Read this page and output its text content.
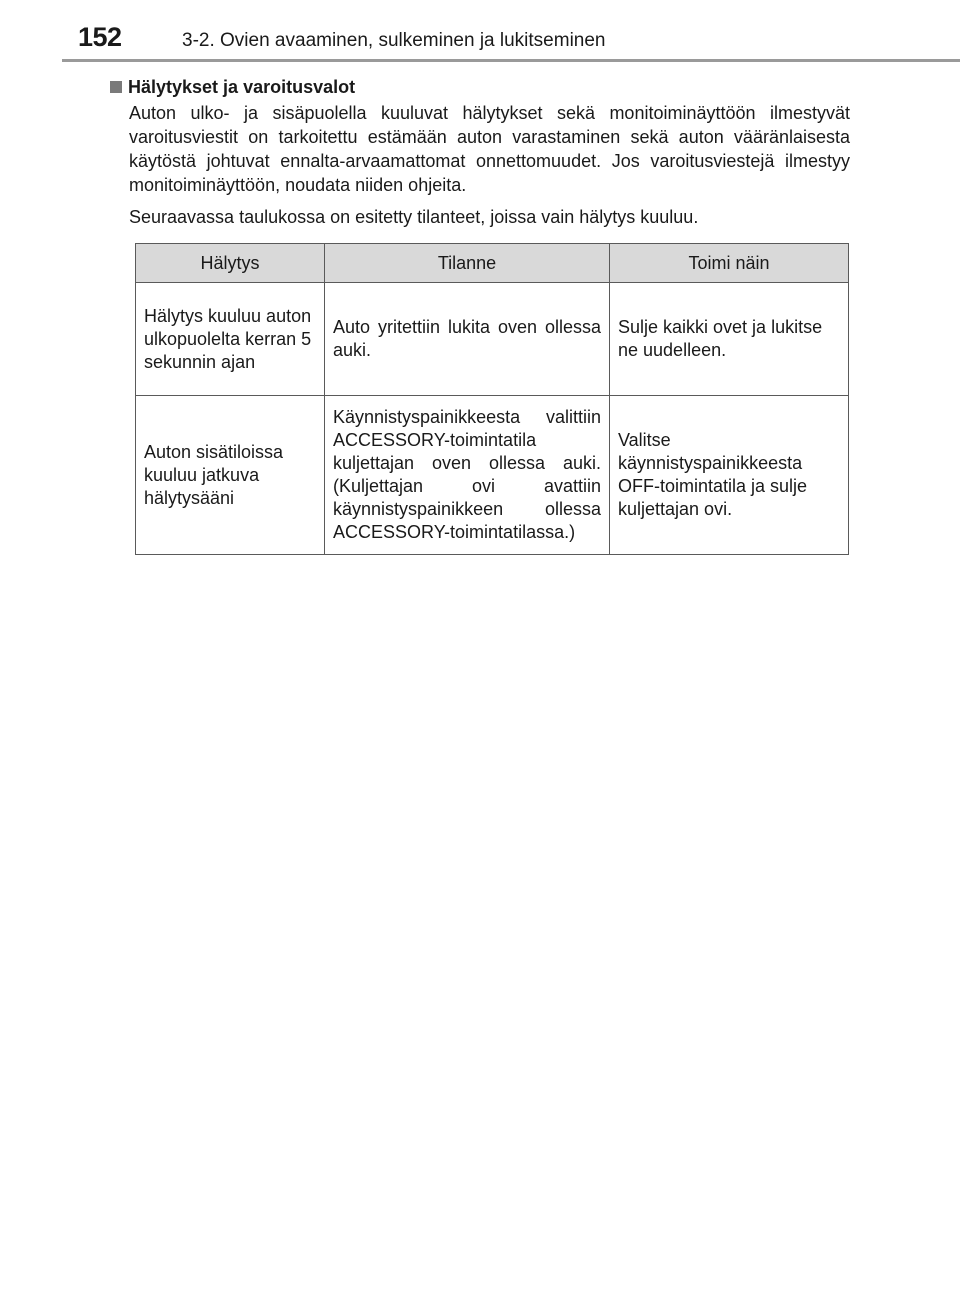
152	3-2. Ovien avaaminen, sulkeminen ja lukitseminen
Hälytykset ja varoitusvalot

Auton ulko- ja sisäpuolella kuuluvat hälytykset sekä monitoiminäyttöön ilmestyvät varoitusviestit on tarkoitettu estämään auton varastaminen sekä auton vääränlaisesta käytöstä johtuvat ennalta-arvaamattomat onnettomuudet. Jos varoitusviestejä ilmestyy monitoiminäyttöön, noudata niiden ohjeita.

Seuraavassa taulukossa on esitetty tilanteet, joissa vain hälytys kuuluu.

Hälytys	Tilanne	Toimi näin
Hälytys kuuluu auton ulkopuolelta kerran 5 sekunnin ajan	Auto yritettiin lukita oven ollessa auki.	Sulje kaikki ovet ja lukitse ne uudelleen.
Auton sisätiloissa kuuluu jatkuva hälytysääni	Käynnistyspainikkeesta valittiin ACCESSORY-toimintatila kuljettajan oven ollessa auki. (Kuljettajan ovi avattiin käynnistyspainikkeen ollessa ACCESSORY-toimintatilassa.)	Valitse käynnistyspainikkeesta OFF-toimintatila ja sulje kuljettajan ovi.
